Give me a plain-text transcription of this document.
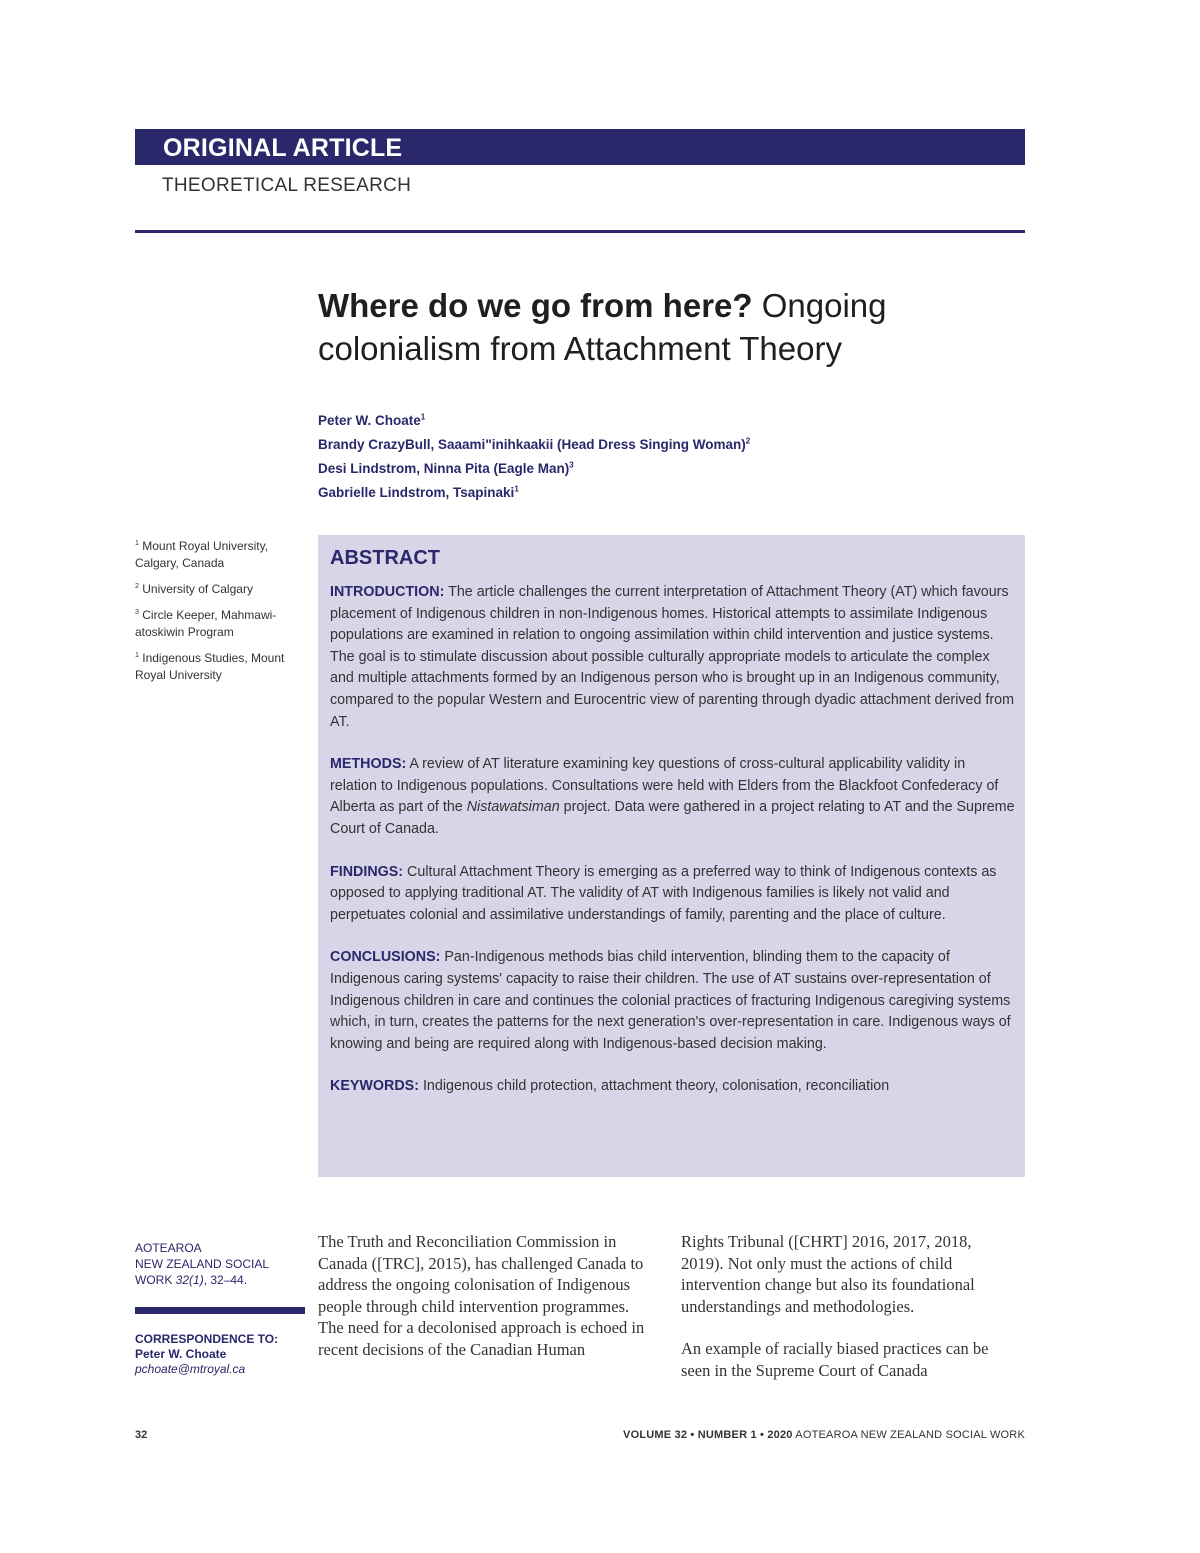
ORIGINAL ARTICLE
THEORETICAL RESEARCH
Where do we go from here? Ongoing colonialism from Attachment Theory
Peter W. Choate$^1$
Brandy CrazyBull, Saaami"inihkaakii (Head Dress Singing Woman)$^2$
Desi Lindstrom, Ninna Pita (Eagle Man)$^3$
Gabrielle Lindstrom, Tsapinaki$^1$
$^1$ Mount Royal University, Calgary, Canada
$^2$ University of Calgary
$^3$ Circle Keeper, Mahmawi-atoskiwin Program
$^1$ Indigenous Studies, Mount Royal University
ABSTRACT
INTRODUCTION: The article challenges the current interpretation of Attachment Theory (AT) which favours placement of Indigenous children in non-Indigenous homes. Historical attempts to assimilate Indigenous populations are examined in relation to ongoing assimilation within child intervention and justice systems. The goal is to stimulate discussion about possible culturally appropriate models to articulate the complex and multiple attachments formed by an Indigenous person who is brought up in an Indigenous community, compared to the popular Western and Eurocentric view of parenting through dyadic attachment derived from AT.
METHODS: A review of AT literature examining key questions of cross-cultural applicability validity in relation to Indigenous populations. Consultations were held with Elders from the Blackfoot Confederacy of Alberta as part of the Nistawatsiman project. Data were gathered in a project relating to AT and the Supreme Court of Canada.
FINDINGS: Cultural Attachment Theory is emerging as a preferred way to think of Indigenous contexts as opposed to applying traditional AT. The validity of AT with Indigenous families is likely not valid and perpetuates colonial and assimilative understandings of family, parenting and the place of culture.
CONCLUSIONS: Pan-Indigenous methods bias child intervention, blinding them to the capacity of Indigenous caring systems' capacity to raise their children. The use of AT sustains over-representation of Indigenous children in care and continues the colonial practices of fracturing Indigenous caregiving systems which, in turn, creates the patterns for the next generation's over-representation in care. Indigenous ways of knowing and being are required along with Indigenous-based decision making.
KEYWORDS: Indigenous child protection, attachment theory, colonisation, reconciliation
AOTEAROA
NEW ZEALAND SOCIAL WORK 32(1), 32–44.
CORRESPONDENCE TO:
Peter W. Choate
pchoate@mtroyal.ca

The Truth and Reconciliation Commission in Canada ([TRC], 2015), has challenged Canada to address the ongoing colonisation of Indigenous people through child intervention programmes. The need for a decolonised approach is echoed in recent decisions of the Canadian Human

Rights Tribunal ([CHRT] 2016, 2017, 2018, 2019). Not only must the actions of child intervention change but also its foundational understandings and methodologies.

An example of racially biased practices can be seen in the Supreme Court of Canada

32	VOLUME 32 • NUMBER 1 • 2020 AOTEAROA NEW ZEALAND SOCIAL WORK
